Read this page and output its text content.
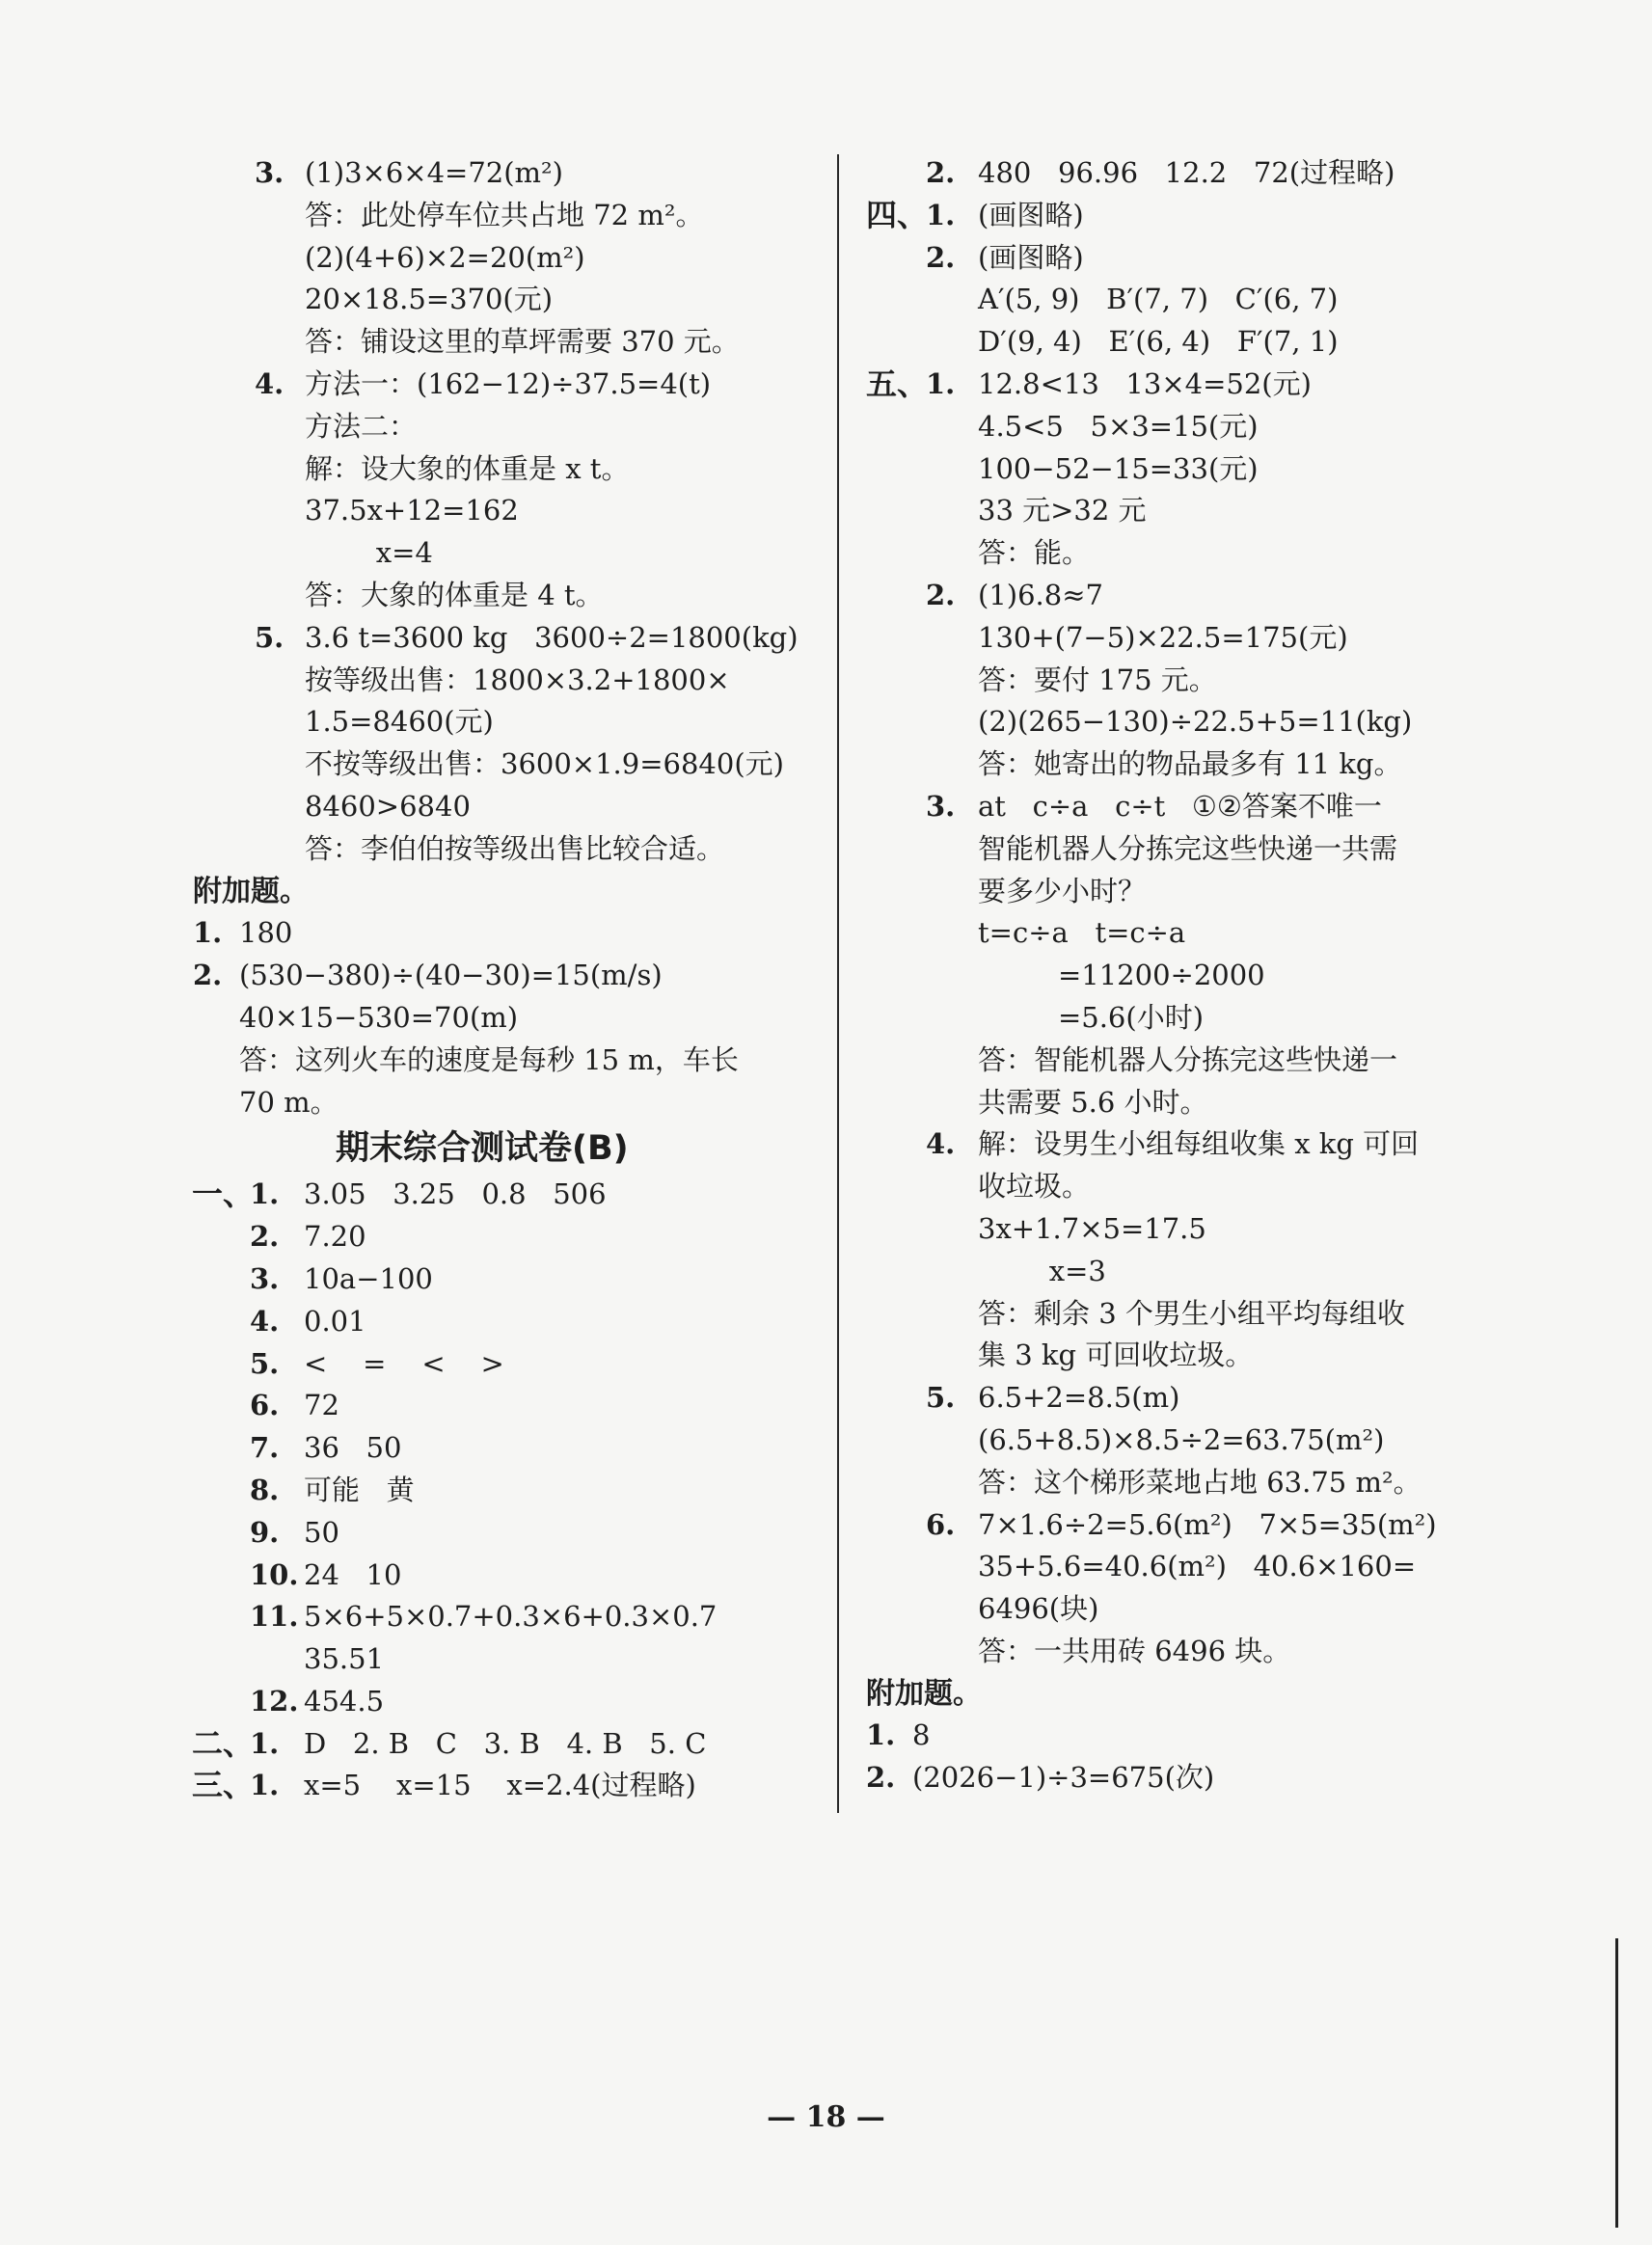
3. (1)3×6×4=72(m²)
答：此处停车位共占地 72 m²。
(2)(4+6)×2=20(m²)
20×18.5=370(元)
答：铺设这里的草坪需要 370 元。
4. 方法一：(162−12)÷37.5=4(t)
方法二：
解：设大象的体重是 x t。
37.5x+12=162
x=4
答：大象的体重是 4 t。
5. 3.6 t=3600 kg   3600÷2=1800(kg)
按等级出售：1800×3.2+1800×
1.5=8460(元)
不按等级出售：3600×1.9=6840(元)
8460>6840
答：李伯伯按等级出售比较合适。
附加题。
1. 180
2. (530−380)÷(40−30)=15(m/s)
40×15−530=70(m)
答：这列火车的速度是每秒 15 m，车长
70 m。
期末综合测试卷(B)
一、
1. 3.05   3.25   0.8   506
2. 7.20
3. 10a−100
4. 0.01
5. <    =    <    >
6. 72
7. 36   50
8. 可能   黄
9. 50
10. 24   10
11. 5×6+5×0.7+0.3×6+0.3×0.7
35.51
12. 454.5
二、
1. D   2. B   C   3. B   4. B   5. C
三、
1. x=5    x=15    x=2.4(过程略)
2. 480   96.96   12.2   72(过程略)
四、
1. (画图略)
2. (画图略)
A′(5, 9)   B′(7, 7)   C′(6, 7)
D′(9, 4)   E′(6, 4)   F′(7, 1)
五、
1. 12.8<13   13×4=52(元)
4.5<5   5×3=15(元)
100−52−15=33(元)
33 元>32 元
答：能。
2. (1)6.8≈7
130+(7−5)×22.5=175(元)
答：要付 175 元。
(2)(265−130)÷22.5+5=11(kg)
答：她寄出的物品最多有 11 kg。
3. at   c÷a   c÷t   ①②答案不唯一
智能机器人分拣完这些快递一共需
要多少小时？
t=c÷a   t=c÷a
=11200÷2000
=5.6(小时)
答：智能机器人分拣完这些快递一
共需要 5.6 小时。
4. 解：设男生小组每组收集 x kg 可回
收垃圾。
3x+1.7×5=17.5
x=3
答：剩余 3 个男生小组平均每组收
集 3 kg 可回收垃圾。
5. 6.5+2=8.5(m)
(6.5+8.5)×8.5÷2=63.75(m²)
答：这个梯形菜地占地 63.75 m²。
6. 7×1.6÷2=5.6(m²)   7×5=35(m²)
35+5.6=40.6(m²)   40.6×160=
6496(块)
答：一共用砖 6496 块。
附加题。
1. 8
2. (2026−1)÷3=675(次)
— 18 —
